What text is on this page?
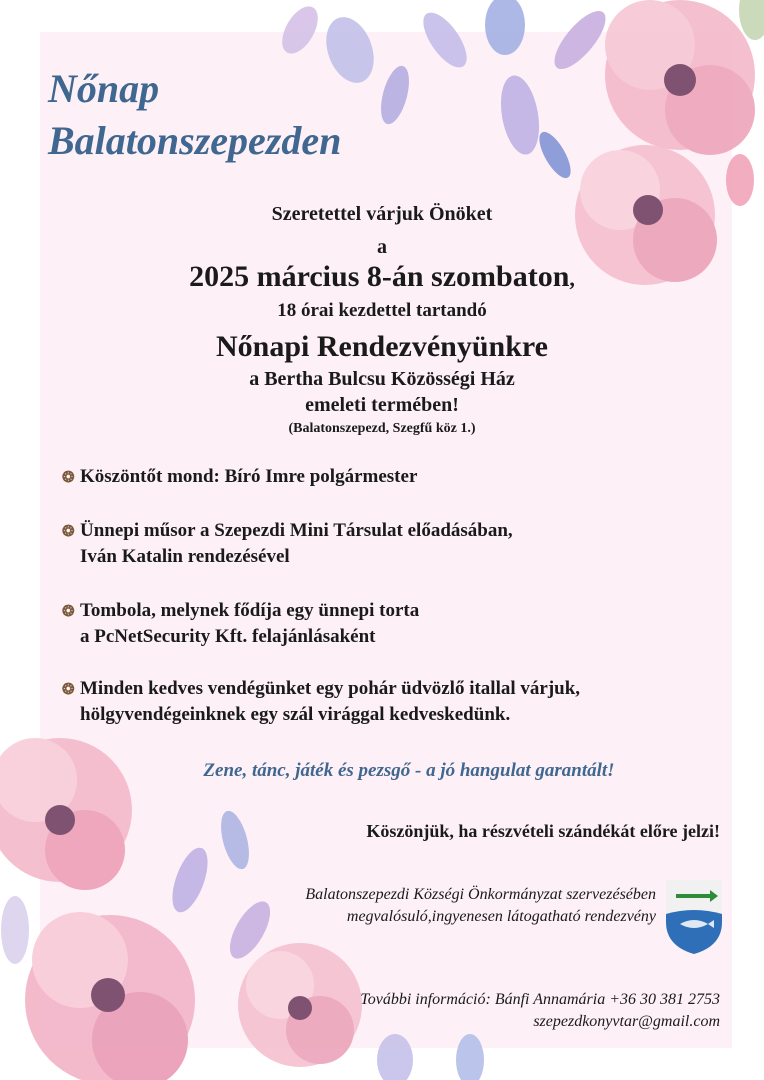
Nőnap
Balatonszepezden
Szeretettel várjuk Önöket
a
2025 március 8-án szombaton,
18 órai kezdettel tartandó
Nőnapi Rendezvényünkre
a Bertha Bulcsu Közösségi Ház
emeleti termében!
(Balatonszepezd, Szegfű köz 1.)
❂ Köszöntőt mond: Bíró Imre polgármester
❂ Ünnepi műsor a Szepezdi Mini Társulat előadásában,
Iván Katalin rendezésével
❂ Tombola, melynek fődíja egy ünnepi torta
a PcNetSecurity Kft. felajánlásaként
❂ Minden kedves vendégünket egy pohár üdvözlő itallal várjuk,
hölgyvendégeinknek egy szál virággal kedveskedünk.
Zene, tánc, játék és pezsgő - a jó hangulat garantált!
Köszönjük, ha részvételi szándékát előre jelzi!
Balatonszepezdi Községi Önkormányzat szervezésében
megvalósuló,ingyenesen látogatható rendezvény
További információ: Bánfi Annamária +36 30 381 2753
szepezdkonyvtar@gmail.com
